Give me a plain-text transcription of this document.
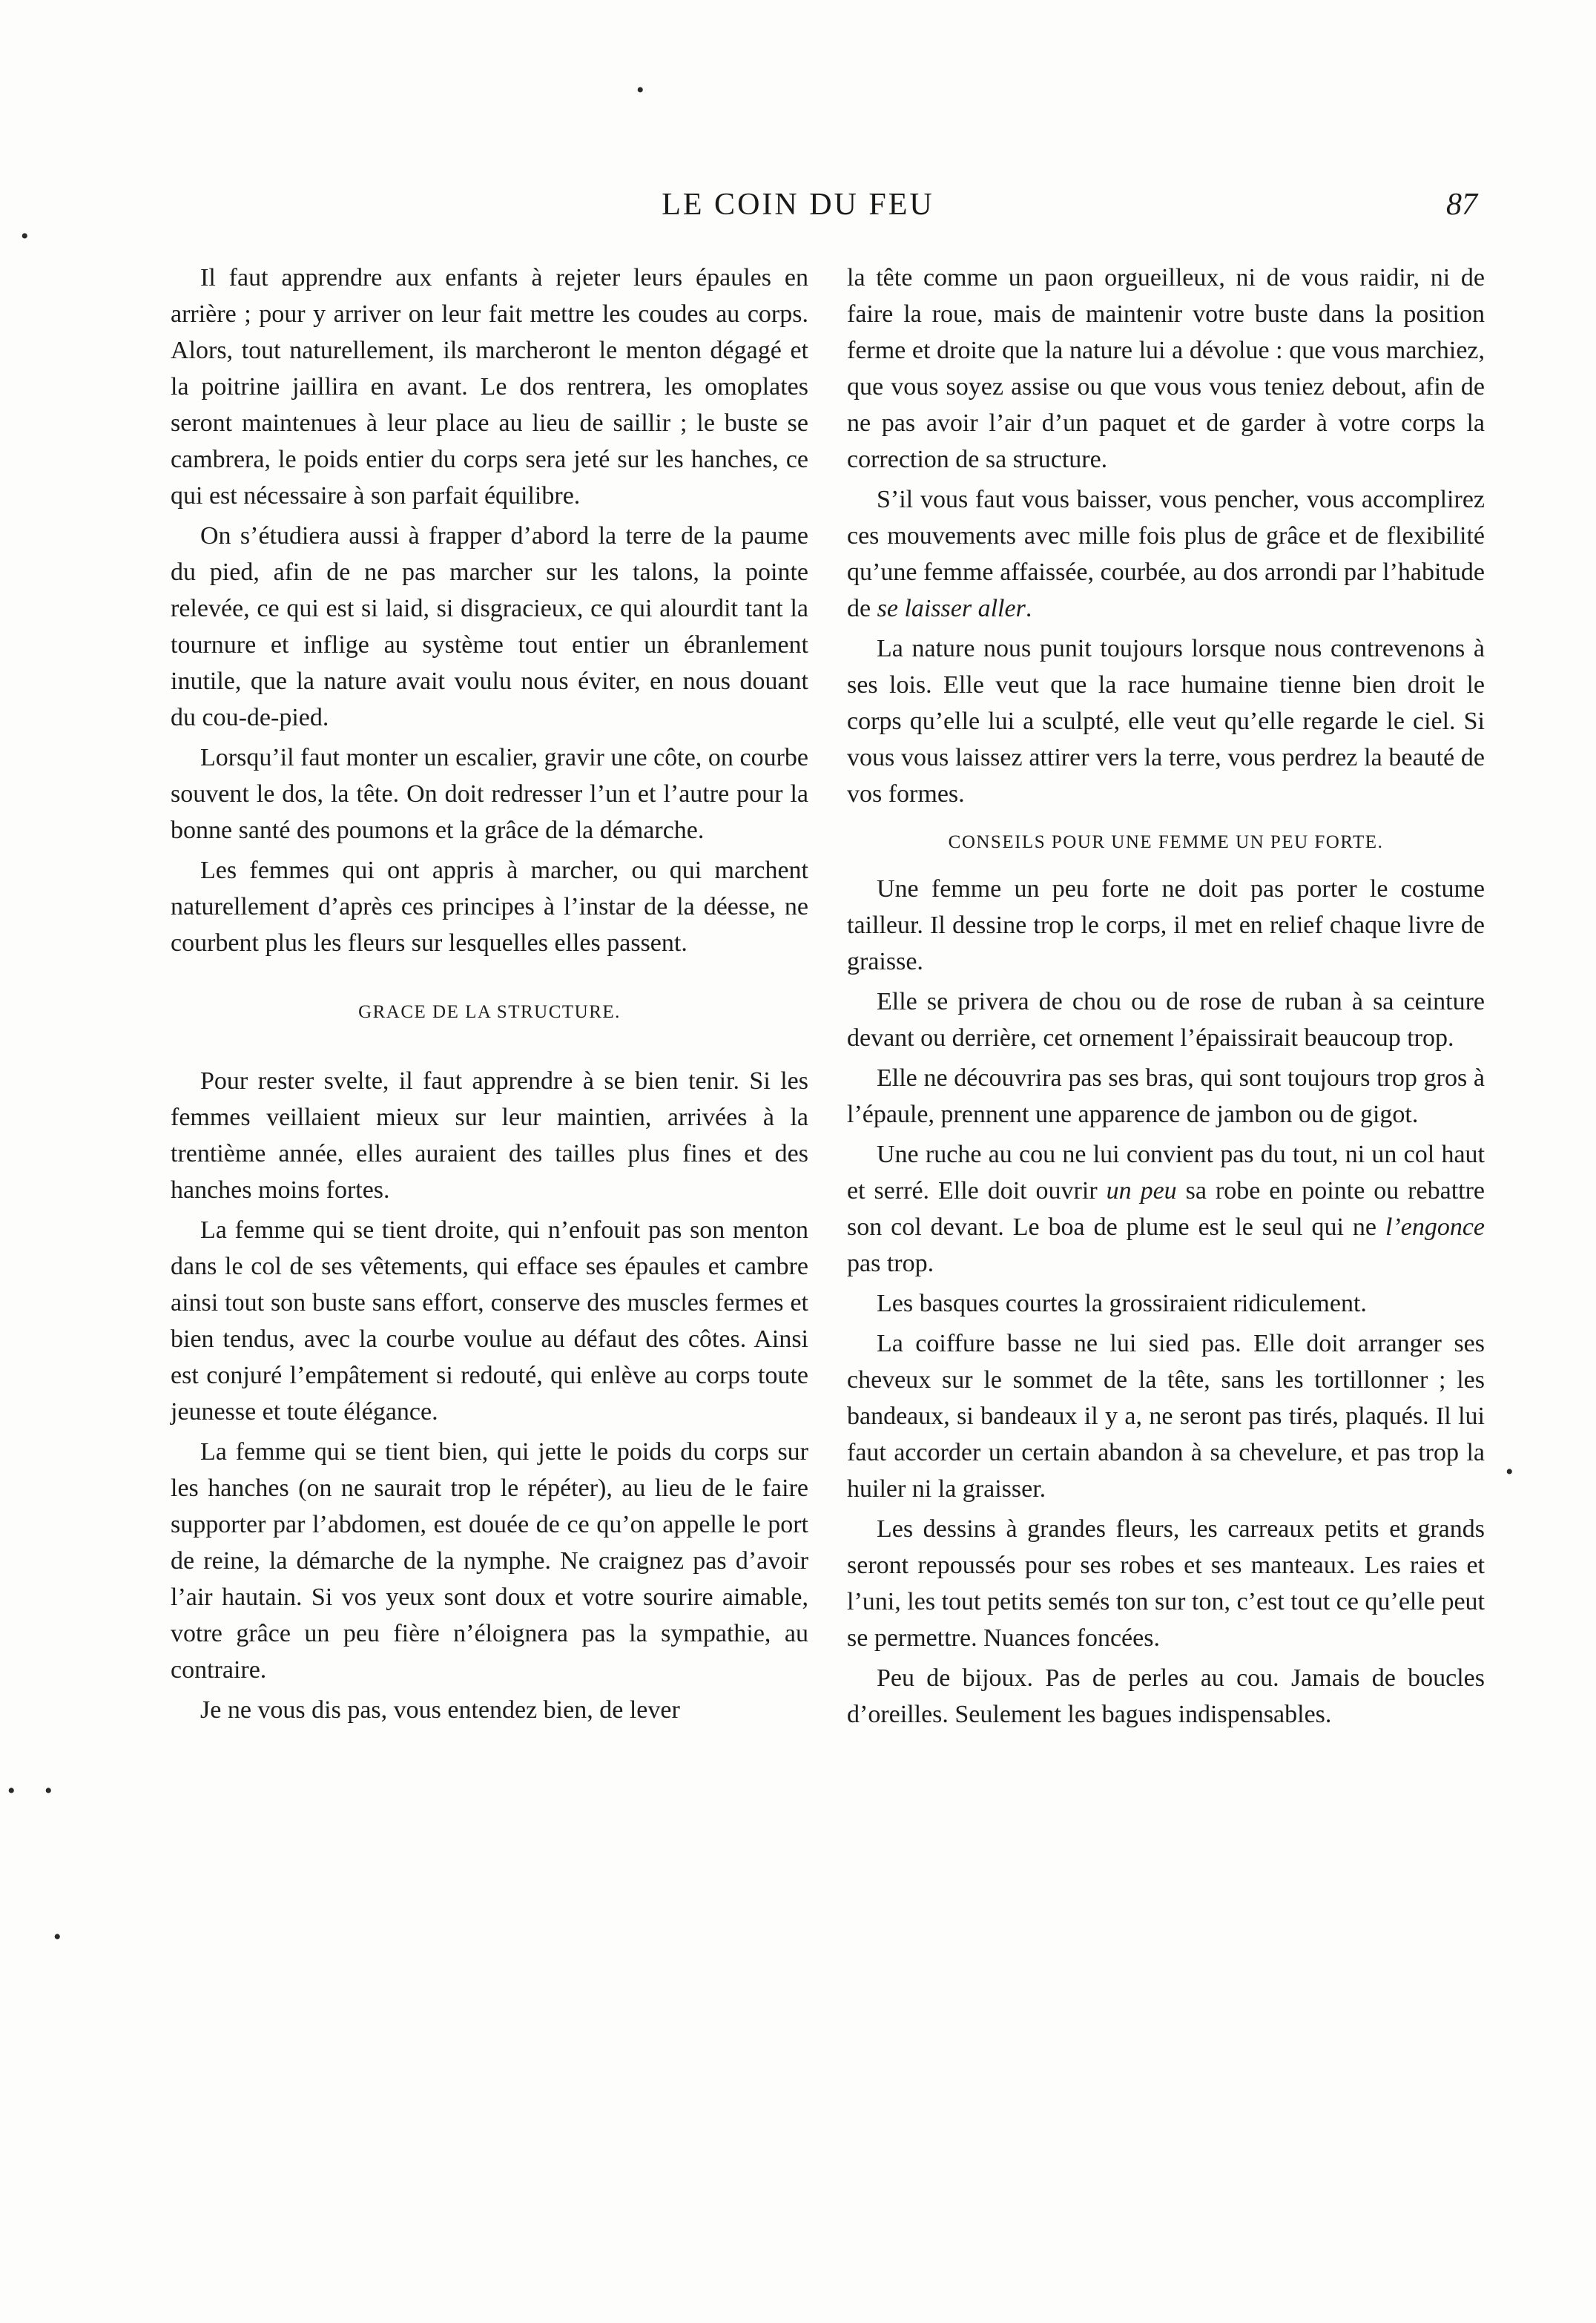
LE COIN DU FEU	87
•
•
• •
•
•

Il faut apprendre aux enfants à rejeter leurs épaules en arrière ; pour y arriver on leur fait mettre les coudes au corps. Alors, tout naturellement, ils marcheront le menton dégagé et la poitrine jaillira en avant. Le dos rentrera, les omoplates seront maintenues à leur place au lieu de saillir ; le buste se cambrera, le poids entier du corps sera jeté sur les hanches, ce qui est nécessaire à son parfait équilibre.

On s’étudiera aussi à frapper d’abord la terre de la paume du pied, afin de ne pas marcher sur les talons, la pointe relevée, ce qui est si laid, si disgracieux, ce qui alourdit tant la tournure et inflige au système tout entier un ébranlement inutile, que la nature avait voulu nous éviter, en nous douant du cou-de-pied.

Lorsqu’il faut monter un escalier, gravir une côte, on courbe souvent le dos, la tête. On doit redresser l’un et l’autre pour la bonne santé des poumons et la grâce de la démarche.

Les femmes qui ont appris à marcher, ou qui marchent naturellement d’après ces principes à l’instar de la déesse, ne courbent plus les fleurs sur lesquelles elles passent.

GRACE DE LA STRUCTURE.

Pour rester svelte, il faut apprendre à se bien tenir. Si les femmes veillaient mieux sur leur maintien, arrivées à la trentième année, elles auraient des tailles plus fines et des hanches moins fortes.

La femme qui se tient droite, qui n’enfouit pas son menton dans le col de ses vêtements, qui efface ses épaules et cambre ainsi tout son buste sans effort, conserve des muscles fermes et bien tendus, avec la courbe voulue au défaut des côtes. Ainsi est conjuré l’empâtement si redouté, qui enlève au corps toute jeunesse et toute élégance.

La femme qui se tient bien, qui jette le poids du corps sur les hanches (on ne saurait trop le répéter), au lieu de le faire supporter par l’abdomen, est douée de ce qu’on appelle le port de reine, la démarche de la nymphe. Ne craignez pas d’avoir l’air hautain. Si vos yeux sont doux et votre sourire aimable, votre grâce un peu fière n’éloignera pas la sympathie, au contraire.

Je ne vous dis pas, vous entendez bien, de lever

la tête comme un paon orgueilleux, ni de vous raidir, ni de faire la roue, mais de maintenir votre buste dans la position ferme et droite que la nature lui a dévolue : que vous marchiez, que vous soyez assise ou que vous vous teniez debout, afin de ne pas avoir l’air d’un paquet et de garder à votre corps la correction de sa structure.

S’il vous faut vous baisser, vous pencher, vous accomplirez ces mouvements avec mille fois plus de grâce et de flexibilité qu’une femme affaissée, courbée, au dos arrondi par l’habitude de se laisser aller.

La nature nous punit toujours lorsque nous contrevenons à ses lois. Elle veut que la race humaine tienne bien droit le corps qu’elle lui a sculpté, elle veut qu’elle regarde le ciel. Si vous vous laissez attirer vers la terre, vous perdrez la beauté de vos formes.

CONSEILS POUR UNE FEMME UN PEU FORTE.

Une femme un peu forte ne doit pas porter le costume tailleur. Il dessine trop le corps, il met en relief chaque livre de graisse.

Elle se privera de chou ou de rose de ruban à sa ceinture devant ou derrière, cet ornement l’épaissirait beaucoup trop.

Elle ne découvrira pas ses bras, qui sont toujours trop gros à l’épaule, prennent une apparence de jambon ou de gigot.

Une ruche au cou ne lui convient pas du tout, ni un col haut et serré. Elle doit ouvrir un peu sa robe en pointe ou rebattre son col devant. Le boa de plume est le seul qui ne l’engonce pas trop.

Les basques courtes la grossiraient ridiculement.

La coiffure basse ne lui sied pas. Elle doit arranger ses cheveux sur le sommet de la tête, sans les tortillonner ; les bandeaux, si bandeaux il y a, ne seront pas tirés, plaqués. Il lui faut accorder un certain abandon à sa chevelure, et pas trop la huiler ni la graisser.

Les dessins à grandes fleurs, les carreaux petits et grands seront repoussés pour ses robes et ses manteaux. Les raies et l’uni, les tout petits semés ton sur ton, c’est tout ce qu’elle peut se permettre. Nuances foncées.

Peu de bijoux. Pas de perles au cou. Jamais de boucles d’oreilles. Seulement les bagues indispensables.
